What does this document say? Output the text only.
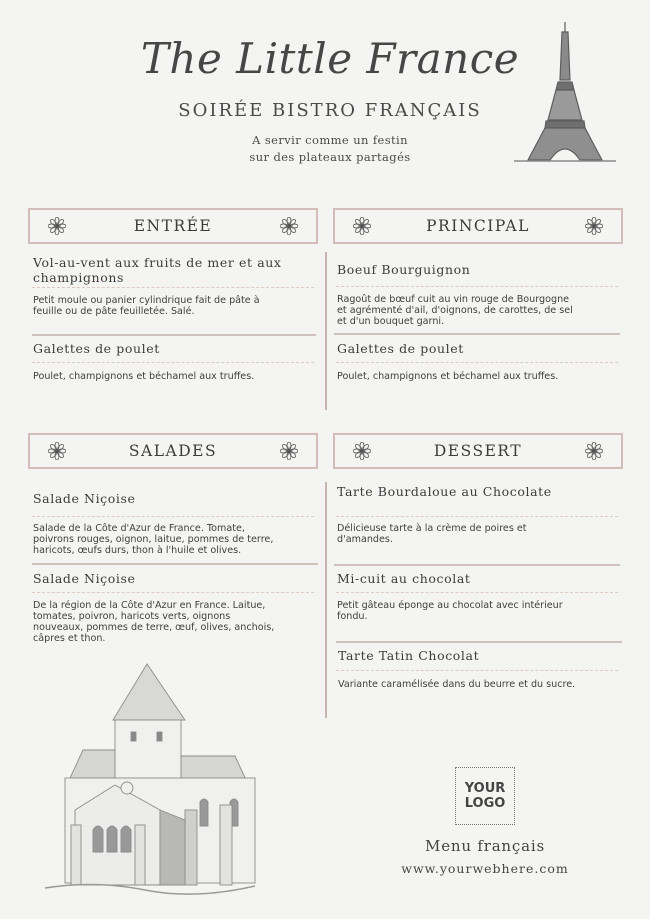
The Little France
SOIRÉE BISTRO FRANÇAIS
A servir comme un festin
sur des plateaux partagés
ENTRÉE	PRINCIPAL
Vol-au-vent aux fruits de mer et aux
champignons
Petit moule ou panier cylindrique fait de pâte à
feuille ou de pâte feuilletée. Salé.
Galettes de poulet
Poulet, champignons et béchamel aux truffes.
Boeuf Bourguignon
Ragoût de bœuf cuit au vin rouge de Bourgogne
et agrémenté d'ail, d'oignons, de carottes, de sel
et d'un bouquet garni.
Galettes de poulet
Poulet, champignons et béchamel aux truffes.
SALADES	DESSERT
Salade Niçoise
Salade de la Côte d'Azur de France. Tomate,
poivrons rouges, oignon, laitue, pommes de terre,
haricots, œufs durs, thon à l'huile et olives.
Salade Niçoise
De la région de la Côte d'Azur en France. Laitue,
tomates, poivron, haricots verts, oignons
nouveaux, pommes de terre, œuf, olives, anchois,
câpres et thon.
Tarte Bourdaloue au Chocolate
Délicieuse tarte à la crème de poires et
d'amandes.
Mi-cuit au chocolat
Petit gâteau éponge au chocolat avec intérieur
fondu.
Tarte Tatin Chocolat
Variante caramélisée dans du beurre et du sucre.
YOUR
LOGO
Menu français
www.yourwebhere.com
